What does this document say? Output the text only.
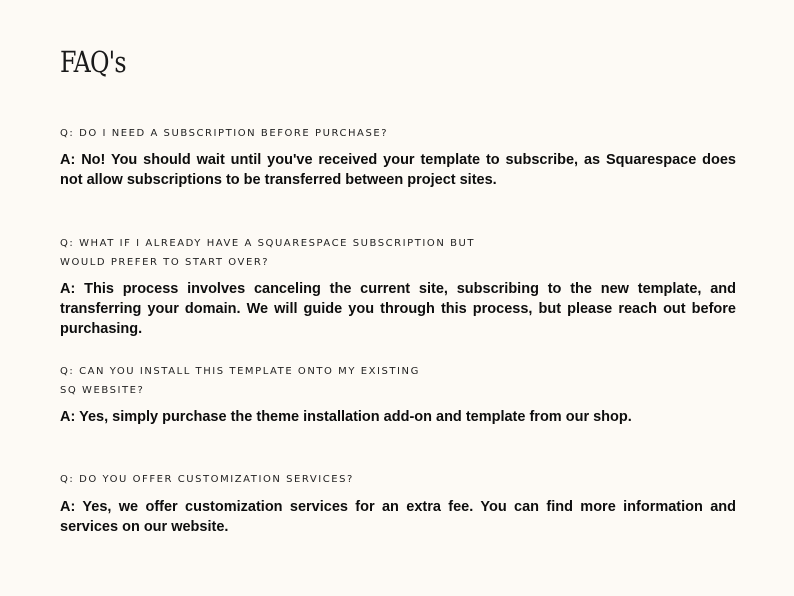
FAQ's

Q: DO I NEED A SUBSCRIPTION BEFORE PURCHASE?

A: No! You should wait until you've received your template to subscribe, as Squarespace does not allow subscriptions to be transferred between project sites.

Q: WHAT IF I ALREADY HAVE A SQUARESPACE SUBSCRIPTION BUT
WOULD PREFER TO START OVER?

A: This process involves canceling the current site, subscribing to the new template, and transferring your domain. We will guide you through this process, but please reach out before purchasing.

Q: CAN YOU INSTALL THIS TEMPLATE ONTO MY EXISTING
SQ WEBSITE?

A: Yes, simply purchase the theme installation add-on and template from our shop.

Q: DO YOU OFFER CUSTOMIZATION SERVICES?

A: Yes, we offer customization services for an extra fee. You can find more information and services on our website.
